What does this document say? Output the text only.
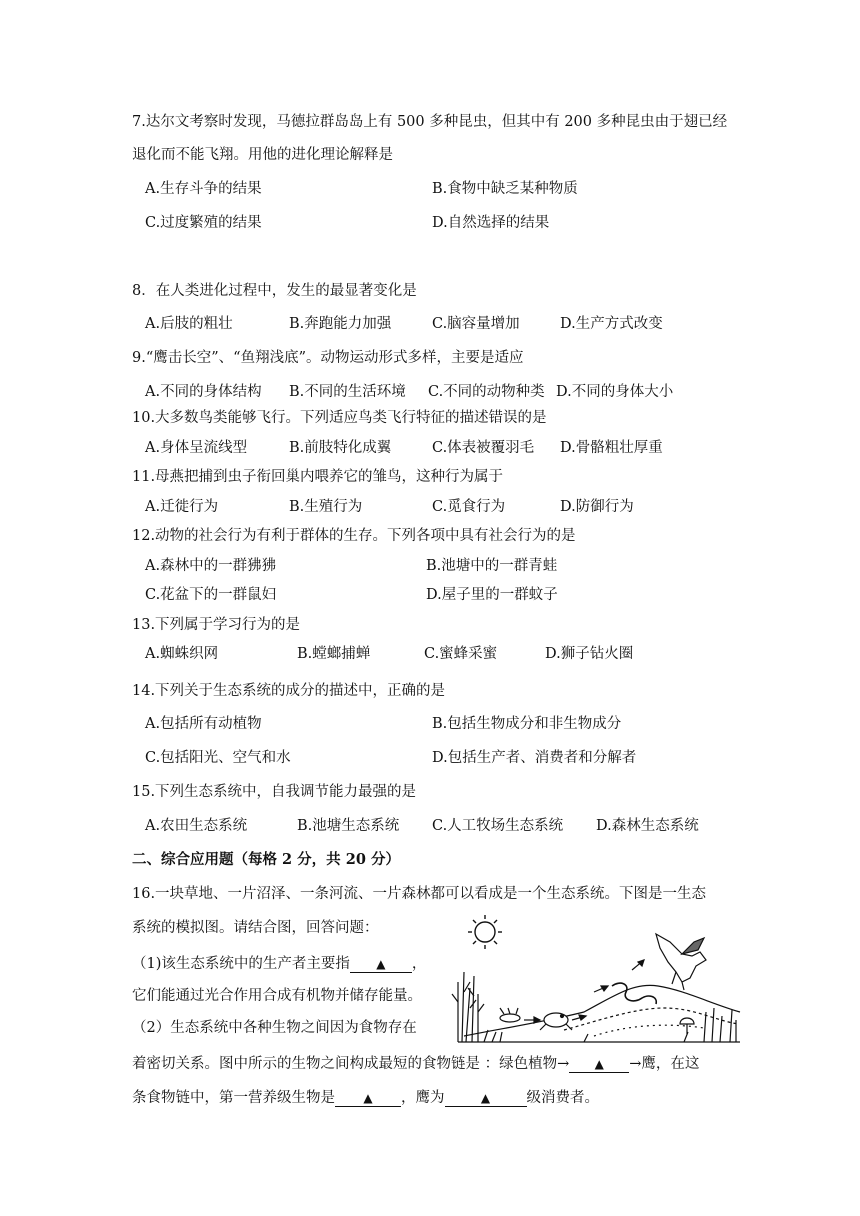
7.达尔文考察时发现，马德拉群岛岛上有 500 多种昆虫，但其中有 200 多种昆虫由于翅已经
退化而不能飞翔。用他的进化理论解释是
A.生存斗争的结果	B.食物中缺乏某种物质
C.过度繁殖的结果	D.自然选择的结果
8．在人类进化过程中，发生的最显著变化是
A.后肢的粗壮	B.奔跑能力加强	C.脑容量增加	D.生产方式改变
9.“鹰击长空”、“鱼翔浅底”。动物运动形式多样，主要是适应
A.不同的身体结构 B.不同的生活环境 C.不同的动物种类 D.不同的身体大小
10.大多数鸟类能够飞行。下列适应鸟类飞行特征的描述错误的是
A.身体呈流线型	B.前肢特化成翼	C.体表被覆羽毛 D.骨骼粗壮厚重
11.母燕把捕到虫子衔回巢内喂养它的雏鸟，这种行为属于
A.迁徙行为	B.生殖行为	C.觅食行为	D.防御行为
12.动物的社会行为有利于群体的生存。下列各项中具有社会行为的是
A.森林中的一群狒狒	B.池塘中的一群青蛙
C.花盆下的一群鼠妇	D.屋子里的一群蚊子
13.下列属于学习行为的是
A.蜘蛛织网	B.螳螂捕蝉	C.蜜蜂采蜜	D.狮子钻火圈
14.下列关于生态系统的成分的描述中，正确的是
A.包括所有动植物	B.包括生物成分和非生物成分
C.包括阳光、空气和水	D.包括生产者、消费者和分解者
15.下列生态系统中，自我调节能力最强的是
A.农田生态系统	B.池塘生态系统 C.人工牧场生态系统 D.森林生态系统
二、综合应用题（每格 2 分，共 20 分）
16.一块草地、一片沼泽、一条河流、一片森林都可以看成是一个生态系统。下图是一生态
系统的模拟图。请结合图，回答问题：
（1)该生态系统中的生产者主要指 ▲ ，
它们能通过光合作用合成有机物并储存能量。
（2）生态系统中各种生物之间因为食物存在
着密切关系。图中所示的生物之间构成最短的食物链是 ：绿色植物→ ▲ →鹰，在这
条食物链中，第一营养级生物是 ▲ ，鹰为	▲	级消费者。
